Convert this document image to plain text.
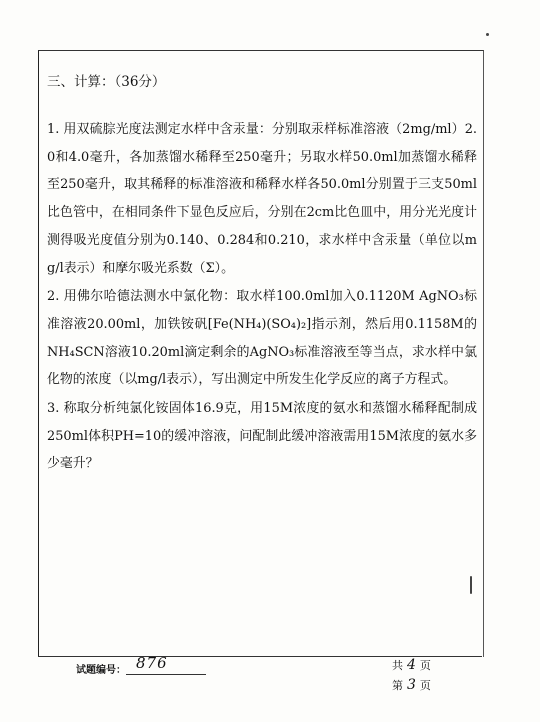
三、计算：（36分）

1. 用双硫腙光度法测定水样中含汞量：分别取汞样标准溶液（2mg/ml）2.0和4.0毫升，各加蒸馏水稀释至250毫升；另取水样50.0ml加蒸馏水稀释至250毫升，取其稀释的标准溶液和稀释水样各50.0ml分别置于三支50ml比色管中，在相同条件下显色反应后，分别在2cm比色皿中，用分光光度计测得吸光度值分别为0.140、0.284和0.210，求水样中含汞量（单位以mg/l表示）和摩尔吸光系数（Σ）。

2. 用佛尔哈德法测水中氯化物：取水样100.0ml加入0.1120M AgNO₃标准溶液20.00ml，加铁铵矾[Fe(NH₄)(SO₄)₂]指示剂，然后用0.1158M的NH₄SCN溶液10.20ml滴定剩余的AgNO₃标准溶液至等当点，求水样中氯化物的浓度（以mg/l表示），写出测定中所发生化学反应的离子方程式。

3. 称取分析纯氯化铵固体16.9克，用15M浓度的氨水和蒸馏水稀释配制成250ml体积PH=10的缓冲溶液，问配制此缓冲溶液需用15M浓度的氨水多少毫升？

试题编号： 876	共 4 页
第 3 页
